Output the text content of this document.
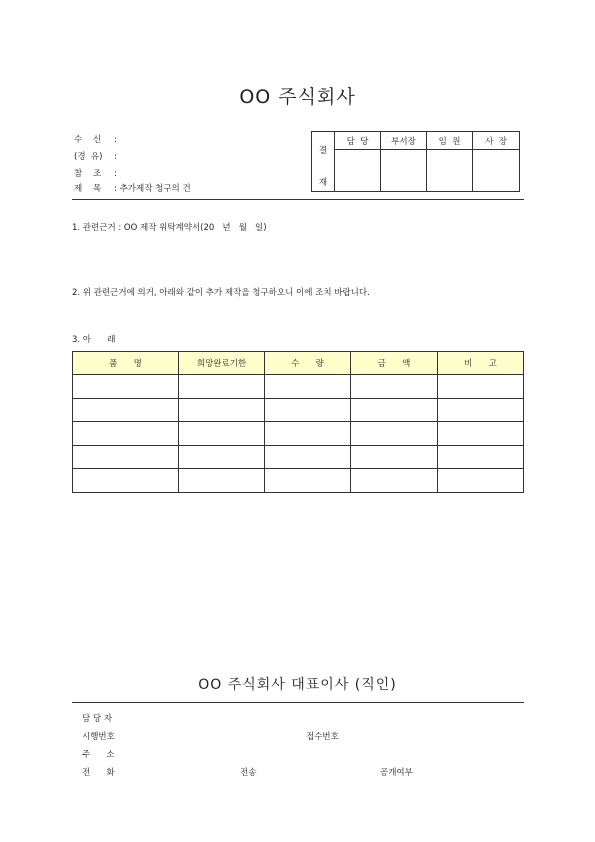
OO 주식회사
수    신 :
(경  유) :
참    조 :
제    목 : 추가제작 청구의 건
결
재	담  당	부서장	임  원	사  장

1. 관련근거 : OO 제작 위탁계약서(20   년   월   일)
2. 위 관련근거에 의거, 아래와 같이 추가 제작을 청구하오니 이에 조치 바랍니다.
3. 아      래
품      명	희망완료기한	수      량	금      액	비      고

OO 주식회사 대표이사 (직인)
담 당 자
시행번호	접수번호
주      소
전      화	전송	공개여부
